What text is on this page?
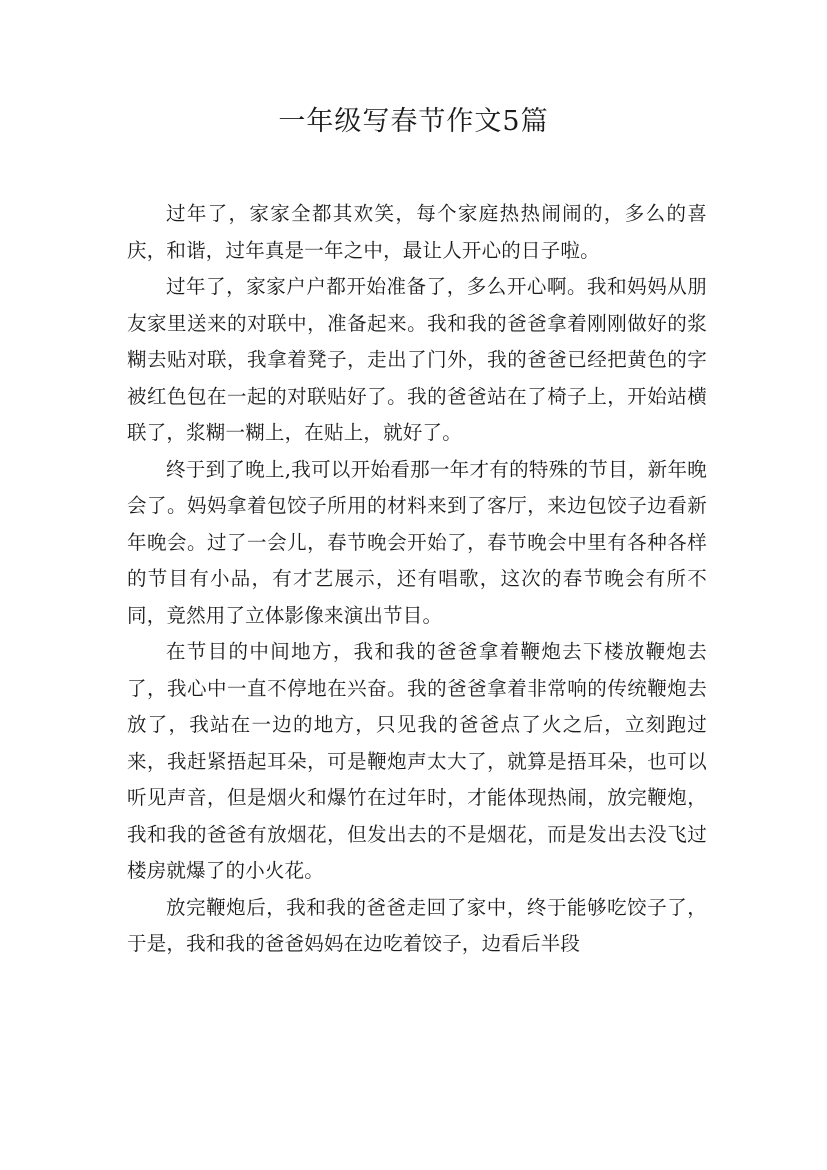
一年级写春节作文5篇

过年了，家家全都其欢笑，每个家庭热热闹闹的，多么的喜庆，和谐，过年真是一年之中，最让人开心的日子啦。

过年了，家家户户都开始准备了，多么开心啊。我和妈妈从朋友家里送来的对联中，准备起来。我和我的爸爸拿着刚刚做好的浆糊去贴对联，我拿着凳子，走出了门外，我的爸爸已经把黄色的字被红色包在一起的对联贴好了。我的爸爸站在了椅子上，开始站横联了，浆糊一糊上，在贴上，就好了。

终于到了晚上,我可以开始看那一年才有的特殊的节目，新年晚会了。妈妈拿着包饺子所用的材料来到了客厅，来边包饺子边看新年晚会。过了一会儿，春节晚会开始了，春节晚会中里有各种各样的节目有小品，有才艺展示，还有唱歌，这次的春节晚会有所不同，竟然用了立体影像来演出节目。

在节目的中间地方，我和我的爸爸拿着鞭炮去下楼放鞭炮去了，我心中一直不停地在兴奋。我的爸爸拿着非常响的传统鞭炮去放了，我站在一边的地方，只见我的爸爸点了火之后，立刻跑过来，我赶紧捂起耳朵，可是鞭炮声太大了，就算是捂耳朵，也可以听见声音，但是烟火和爆竹在过年时，才能体现热闹，放完鞭炮，我和我的爸爸有放烟花，但发出去的不是烟花，而是发出去没飞过楼房就爆了的小火花。

放完鞭炮后，我和我的爸爸走回了家中，终于能够吃饺子了，于是，我和我的爸爸妈妈在边吃着饺子，边看后半段
